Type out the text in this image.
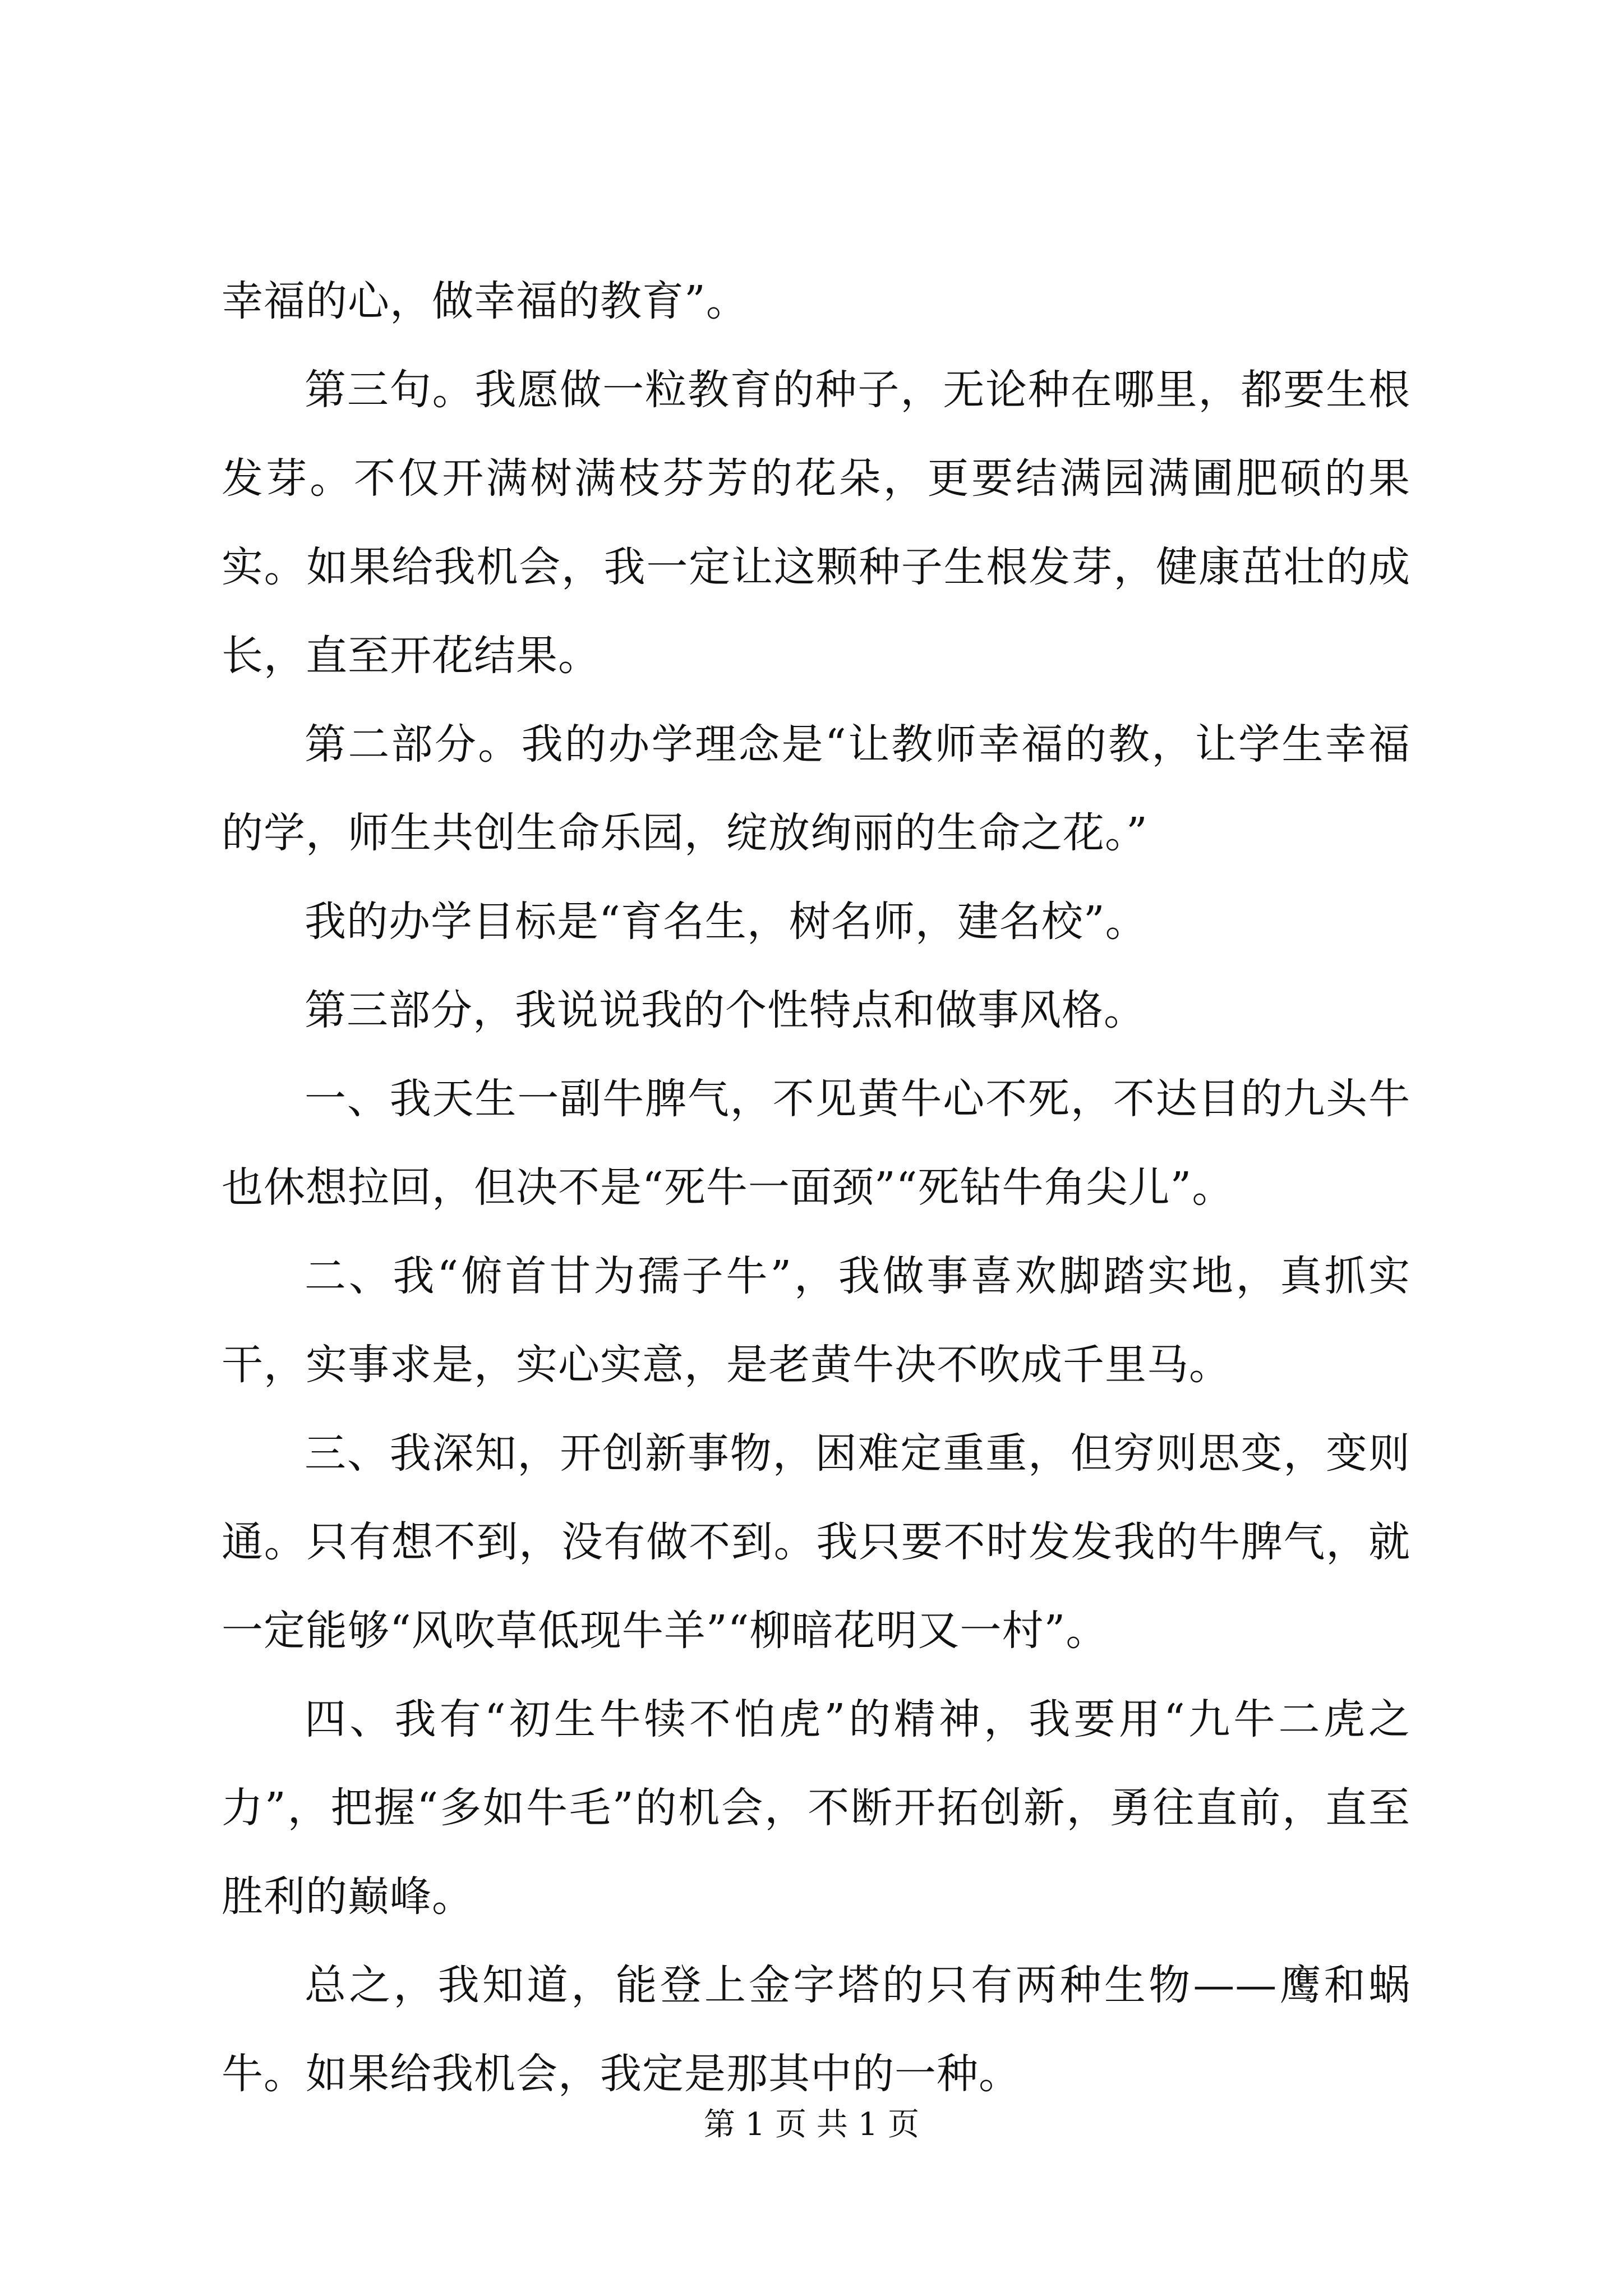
幸福的心，做幸福的教育”。

第三句。我愿做一粒教育的种子，无论种在哪里，都要生根发芽。不仅开满树满枝芬芳的花朵，更要结满园满圃肥硕的果实。如果给我机会，我一定让这颗种子生根发芽，健康茁壮的成长，直至开花结果。

第二部分。我的办学理念是“让教师幸福的教，让学生幸福的学，师生共创生命乐园，绽放绚丽的生命之花。”

我的办学目标是“育名生，树名师，建名校”。

第三部分，我说说我的个性特点和做事风格。

一、我天生一副牛脾气，不见黄牛心不死，不达目的九头牛也休想拉回，但决不是“死牛一面颈”“死钻牛角尖儿”。

二、我“俯首甘为孺子牛”，我做事喜欢脚踏实地，真抓实干，实事求是，实心实意，是老黄牛决不吹成千里马。

三、我深知，开创新事物，困难定重重，但穷则思变，变则通。只有想不到，没有做不到。我只要不时发发我的牛脾气，就一定能够“风吹草低现牛羊”“柳暗花明又一村”。

四、我有“初生牛犊不怕虎”的精神，我要用“九牛二虎之力”，把握“多如牛毛”的机会，不断开拓创新，勇往直前，直至胜利的巅峰。

总之，我知道，能登上金字塔的只有两种生物——鹰和蜗牛。如果给我机会，我定是那其中的一种。

第 1 页 共 1 页
